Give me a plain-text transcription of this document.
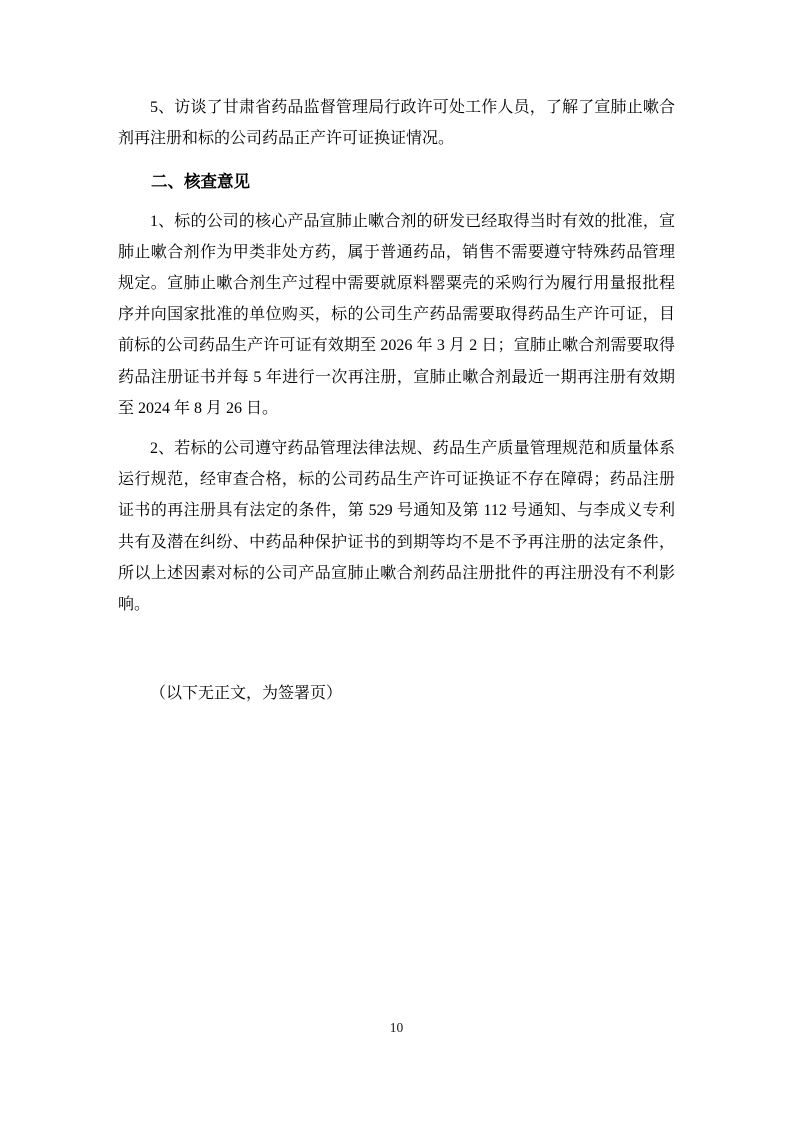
5、访谈了甘肃省药品监督管理局行政许可处工作人员，了解了宣肺止嗽合剂再注册和标的公司药品正产许可证换证情况。

二、核查意见

1、标的公司的核心产品宣肺止嗽合剂的研发已经取得当时有效的批准，宣肺止嗽合剂作为甲类非处方药，属于普通药品，销售不需要遵守特殊药品管理规定。宣肺止嗽合剂生产过程中需要就原料罂粟壳的采购行为履行用量报批程序并向国家批准的单位购买，标的公司生产药品需要取得药品生产许可证，目前标的公司药品生产许可证有效期至 2026 年 3 月 2 日；宣肺止嗽合剂需要取得药品注册证书并每 5 年进行一次再注册，宣肺止嗽合剂最近一期再注册有效期至 2024 年 8 月 26 日。

2、若标的公司遵守药品管理法律法规、药品生产质量管理规范和质量体系运行规范，经审查合格，标的公司药品生产许可证换证不存在障碍；药品注册证书的再注册具有法定的条件，第 529 号通知及第 112 号通知、与李成义专利共有及潜在纠纷、中药品种保护证书的到期等均不是不予再注册的法定条件，所以上述因素对标的公司产品宣肺止嗽合剂药品注册批件的再注册没有不利影响。

（以下无正文，为签署页）

10
